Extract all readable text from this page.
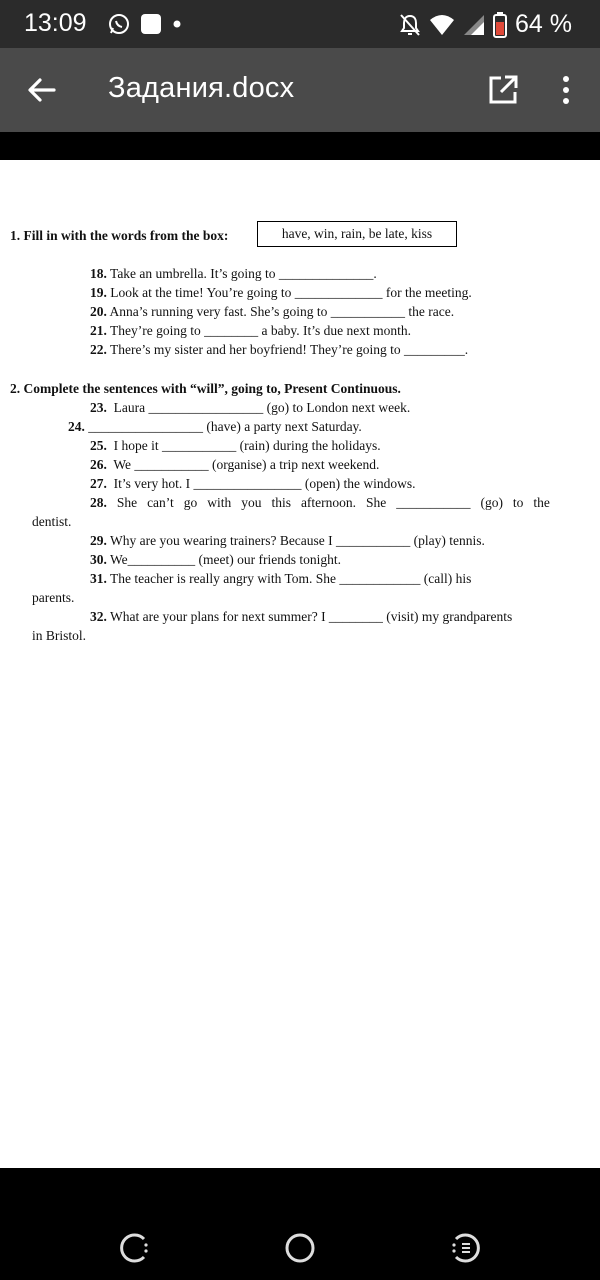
13:09	64 %
Задания.docx
1. Fill in with the words from the box:	have, win, rain, be late, kiss
18. Take an umbrella. It’s going to ______________.
19. Look at the time! You’re going to _____________ for the meeting.
20. Anna’s running very fast. She’s going to ___________ the race.
21. They’re going to ________ a baby. It’s due next month.
22. There’s my sister and her boyfriend! They’re going to _________.
2. Complete the sentences with “will”, going to, Present Continuous.
23. Laura _________________ (go) to London next week.
24. _________________ (have) a party next Saturday.
25. I hope it ___________ (rain) during the holidays.
26. We ___________ (organise) a trip next weekend.
27. It’s very hot. I ________________ (open) the windows.
28. She can’t go with you this afternoon. She ___________ (go) to the
dentist.
29. Why are you wearing trainers? Because I ___________ (play) tennis.
30. We__________ (meet) our friends tonight.
31. The teacher is really angry with Tom. She ____________ (call) his
parents.
32. What are your plans for next summer? I ________ (visit) my grandparents
in Bristol.
